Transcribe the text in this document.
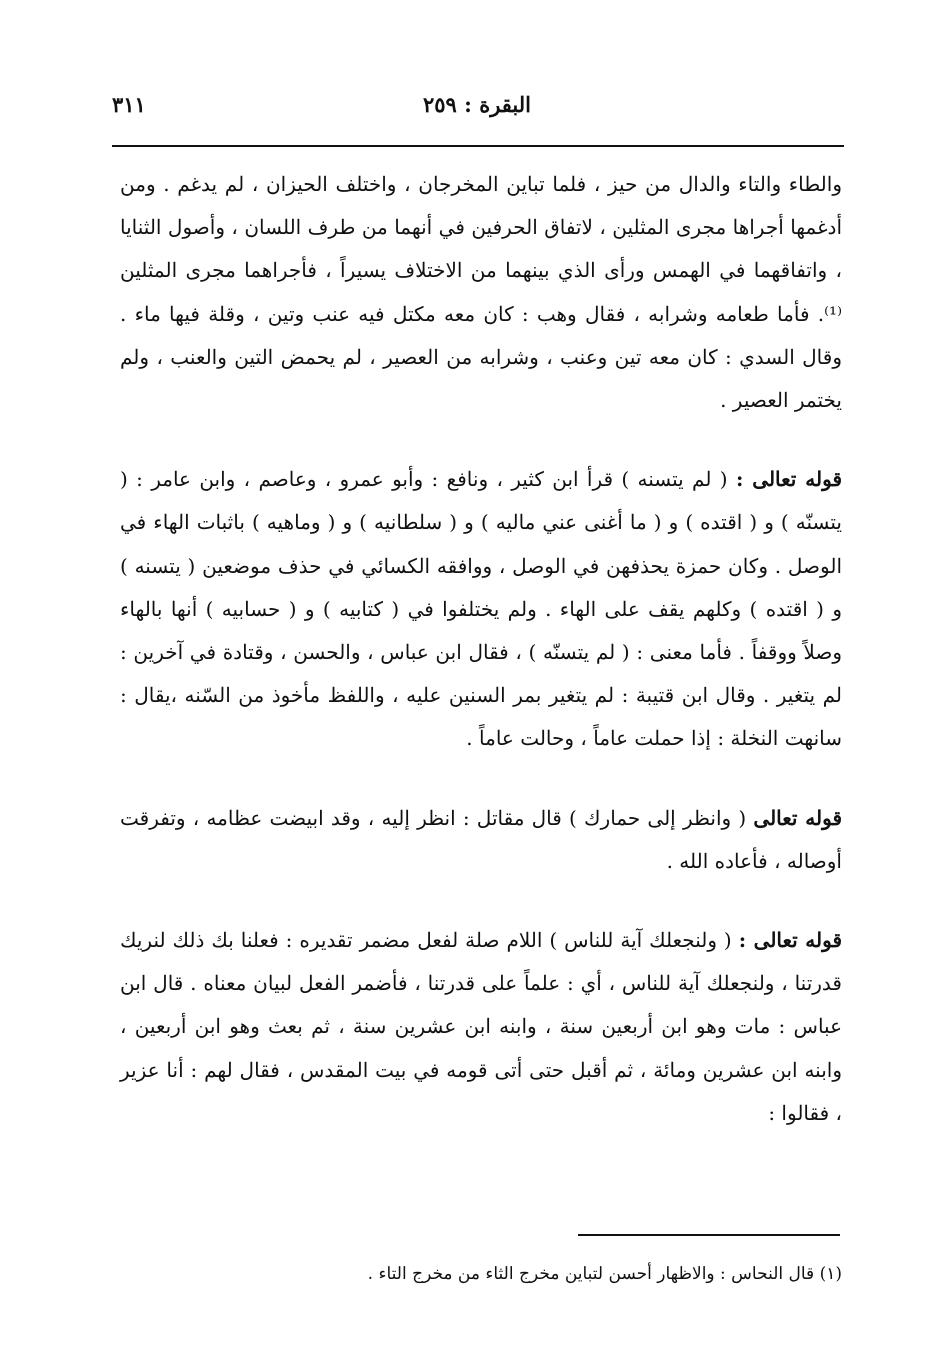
البقرة : ٢٥٩
٣١١

والطاء والتاء والدال من حيز ، فلما تباين المخرجان ، واختلف الحيزان ، لم يدغم . ومن أدغمها أجراها مجرى المثلين ، لاتفاق الحرفين في أنهما من طرف اللسان ، وأصول الثنايا ، واتفاقهما في الهمس ورأى الذي بينهما من الاختلاف يسيراً ، فأجراهما مجرى المثلين ⁽¹⁾. فأما طعامه وشرابه ، فقال وهب : كان معه مكتل فيه عنب وتين ، وقلة فيها ماء . وقال السدي : كان معه تين وعنب ، وشرابه من العصير ، لم يحمض التين والعنب ، ولم يختمر العصير .

قوله تعالى : ( لم يتسنه ) قرأ ابن كثير ، ونافع : وأبو عمرو ، وعاصم ، وابن عامر : ( يتسنّه ) و ( اقتده ) و ( ما أغنى عني ماليه ) و ( سلطانيه ) و ( وماهيه ) باثبات الهاء في الوصل . وكان حمزة يحذفهن في الوصل ، ووافقه الكسائي في حذف موضعين ( يتسنه ) و ( اقتده ) وكلهم يقف على الهاء . ولم يختلفوا في ( كتابيه ) و ( حسابيه ) أنها بالهاء وصلاً ووقفاً . فأما معنى : ( لم يتسنّه ) ، فقال ابن عباس ، والحسن ، وقتادة في آخرين : لم يتغير . وقال ابن قتيبة : لم يتغير بمر السنين عليه ، واللفظ مأخوذ من السّنه ،يقال : سانهت النخلة : إذا حملت عاماً ، وحالت عاماً .

قوله تعالى ( وانظر إلى حمارك ) قال مقاتل : انظر إليه ، وقد ابيضت عظامه ، وتفرقت أوصاله ، فأعاده الله .

قوله تعالى : ( ولنجعلك آية للناس ) اللام صلة لفعل مضمر تقديره : فعلنا بك ذلك لنريك قدرتنا ، ولنجعلك آية للناس ، أي : علماً على قدرتنا ، فأضمر الفعل لبيان معناه . قال ابن عباس : مات وهو ابن أربعين سنة ، وابنه ابن عشرين سنة ، ثم بعث وهو ابن أربعين ، وابنه ابن عشرين ومائة ، ثم أقبل حتى أتى قومه في بيت المقدس ، فقال لهم : أنا عزير ، فقالوا :

(١) قال النحاس : والاظهار أحسن لتباين مخرج الثاء من مخرج التاء .
